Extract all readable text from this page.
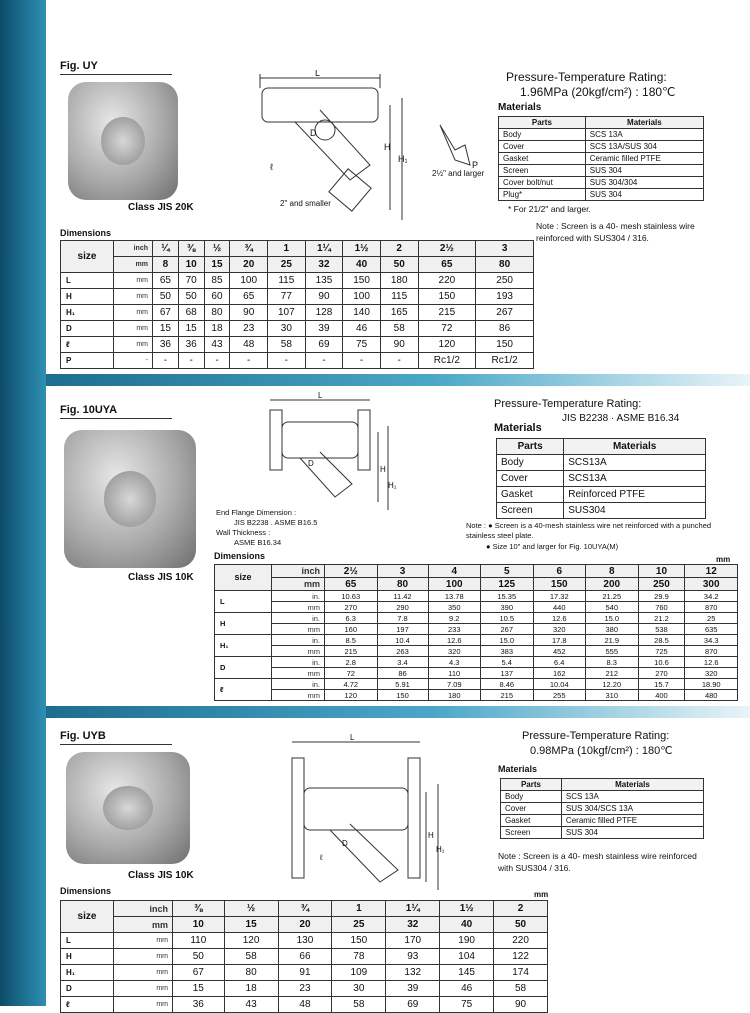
Fig. UY
Class JIS 20K
L
H
H₁
D
ℓ	P
2" and smaller
2½" and larger
Pressure-Temperature Rating:
1.96MPa (20kgf/cm²) : 180℃
Materials
Parts	Materials
Body	SCS 13A
Cover	SCS 13A/SUS 304
Gasket	Ceramic filled PTFE
Screen	SUS 304
Cover bolt/nut	SUS 304/304
Plug*	SUS 304
* For 21/2" and larger.
Note : Screen is a 40- mesh stainless wire reinforced with SUS304 / 316.
Dimensions
size	inch	¼	⅜	½	¾	1	1¼	1½	2	2½	3
	mm	8	10	15	20	25	32	40	50	65	80
L	mm	65	70	85	100	115	135	150	180	220	250
H	mm	50	50	60	65	77	90	100	115	150	193
H₁	mm	67	68	80	90	107	128	140	165	215	267
D	mm	15	15	18	23	30	39	46	58	72	86
ℓ	mm	36	36	43	48	58	69	75	90	120	150
P	-	-	-	-	-	-	-	-	-	Rc1/2	Rc1/2
Fig. 10UYA
Class JIS 10K
L
H
H₁
D
End Flange Dimension :
JIS B2238 . ASME B16.5
Wall Thickness :
ASME B16.34
Pressure-Temperature Rating:
JIS B2238 · ASME B16.34
Materials
Parts	Materials
Body	SCS13A
Cover	SCS13A
Gasket	Reinforced PTFE
Screen	SUS304
Note : ● Screen is a 40-mesh stainless wire net reinforced with a punched stainless steel plate.
● Size 10" and larger for Fig. 10UYA(M)
Dimensions	mm
size	inch	2½	3	4	5	6	8	10	12
	mm	65	80	100	125	150	200	250	300
L	in.	10.63	11.42	13.78	15.35	17.32	21.25	29.9	34.2
	mm	270	290	350	390	440	540	760	870
H	in.	6.3	7.8	9.2	10.5	12.6	15.0	21.2	25
	mm	160	197	233	267	320	380	538	635
H₁	in.	8.5	10.4	12.6	15.0	17.8	21.9	28.5	34.3
	mm	215	263	320	383	452	555	725	870
D	in.	2.8	3.4	4.3	5.4	6.4	8.3	10.6	12.6
	mm	72	86	110	137	162	212	270	320
ℓ	in.	4.72	5.91	7.09	8.46	10.04	12.20	15.7	18.90
	mm	120	150	180	215	255	310	400	480
Fig. UYB
Class JIS 10K
L
H
H₁
D
ℓ
Pressure-Temperature Rating:
0.98MPa (10kgf/cm²) : 180℃
Materials
Parts	Materials
Body	SCS 13A
Cover	SUS 304/SCS 13A
Gasket	Ceramic filled PTFE
Screen	SUS 304
Note : Screen is a 40- mesh stainless wire reinforced with SUS304 / 316.
Dimensions	mm
size	inch	⅜	½	¾	1	1¼	1½	2
	mm	10	15	20	25	32	40	50
L	mm	110	120	130	150	170	190	220
H	mm	50	58	66	78	93	104	122
H₁	mm	67	80	91	109	132	145	174
D	mm	15	18	23	30	39	46	58
ℓ	mm	36	43	48	58	69	75	90
